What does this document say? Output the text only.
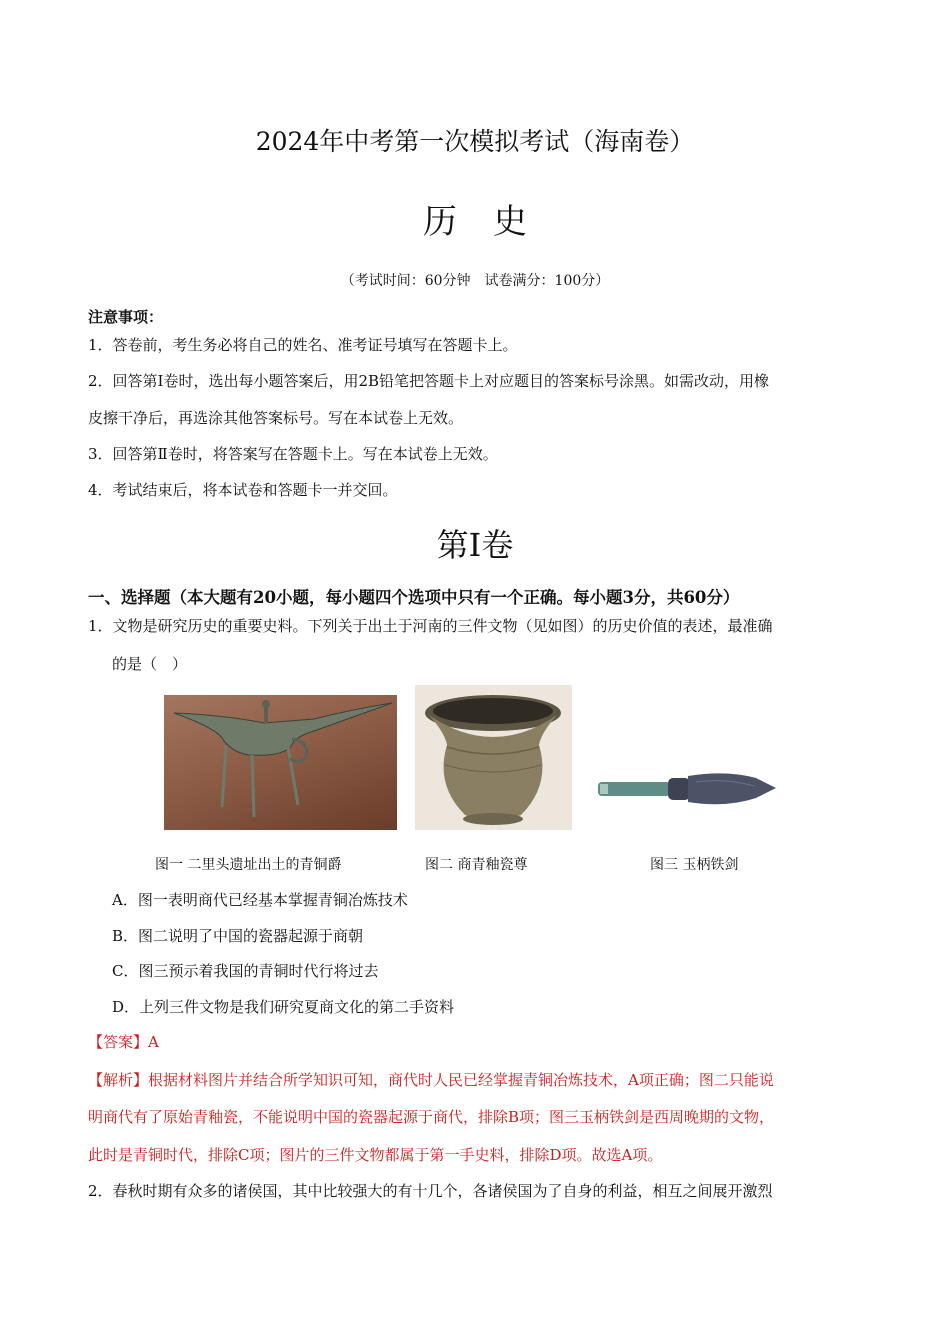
2024年中考第一次模拟考试（海南卷）
历史
（考试时间：60分钟　试卷满分：100分）
注意事项：
1．答卷前，考生务必将自己的姓名、准考证号填写在答题卡上。
2．回答第Ⅰ卷时，选出每小题答案后，用2B铅笔把答题卡上对应题目的答案标号涂黑。如需改动，用橡
皮擦干净后，再选涂其他答案标号。写在本试卷上无效。
3．回答第Ⅱ卷时，将答案写在答题卡上。写在本试卷上无效。
4．考试结束后，将本试卷和答题卡一并交回。
第Ⅰ卷
一、选择题（本大题有20小题，每小题四个选项中只有一个正确。每小题3分，共60分）
1．文物是研究历史的重要史料。下列关于出土于河南的三件文物（见如图）的历史价值的表述，最准确
的是（　）
图一 二里头遗址出土的青铜爵	图二 商青釉瓷尊	图三 玉柄铁剑
A．图一表明商代已经基本掌握青铜冶炼技术
B．图二说明了中国的瓷器起源于商朝
C．图三预示着我国的青铜时代行将过去
D．上列三件文物是我们研究夏商文化的第二手资料
【答案】A
【解析】根据材料图片并结合所学知识可知，商代时人民已经掌握青铜冶炼技术，A项正确；图二只能说
明商代有了原始青釉瓷，不能说明中国的瓷器起源于商代，排除B项；图三玉柄铁剑是西周晚期的文物，
此时是青铜时代，排除C项；图片的三件文物都属于第一手史料，排除D项。故选A项。
2．春秋时期有众多的诸侯国，其中比较强大的有十几个，各诸侯国为了自身的利益，相互之间展开激烈
